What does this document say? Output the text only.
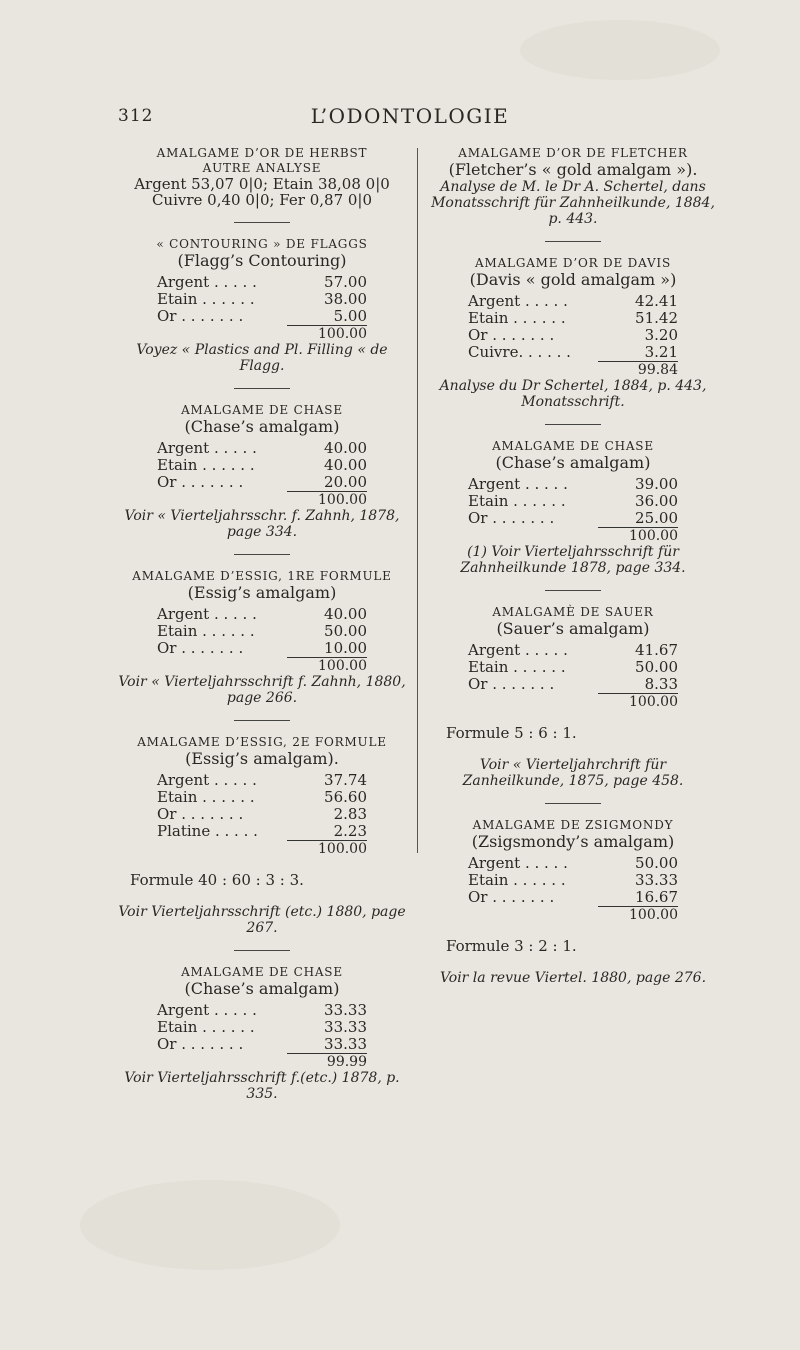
312	L’ODONTOLOGIE

AMALGAME D’OR DE HERBST

AUTRE ANALYSE

Argent 53,07 0|0; Etain 38,08 0|0

Cuivre 0,40 0|0; Fer 0,87 0|0

« CONTOURING » DE FLAGGS

(Flagg’s Contouring)

Argent . . . . .	57.00
Etain . . . . . .	38.00
Or . . . . . . .	5.00
100.00

Voyez « Plastics and Pl. Filling « de Flagg.

AMALGAME DE CHASE

(Chase’s amalgam)

Argent . . . . .	40.00
Etain . . . . . .	40.00
Or . . . . . . .	20.00
100.00

Voir « Vierteljahrsschr. f. Zahnh, 1878, page 334.

AMALGAME D’ESSIG, 1RE FORMULE

(Essig’s amalgam)

Argent . . . . .	40.00
Etain . . . . . .	50.00
Or . . . . . . .	10.00
100.00

Voir « Vierteljahrsschrift f. Zahnh, 1880, page 266.

AMALGAME D’ESSIG, 2E FORMULE

(Essig’s amalgam).

Argent . . . . .	37.74
Etain . . . . . .	56.60
Or . . . . . . .	2.83
Platine . . . . .	2.23
100.00

Formule 40 : 60 : 3 : 3.

Voir Vierteljahrsschrift (etc.) 1880, page 267.

AMALGAME DE CHASE

(Chase’s amalgam)

Argent . . . . .	33.33
Etain . . . . . .	33.33
Or . . . . . . .	33.33
99.99

Voir Vierteljahrsschrift f.(etc.) 1878, p. 335.

AMALGAME D’OR DE FLETCHER

(Fletcher’s « gold amalgam »).

Analyse de M. le Dr A. Schertel, dans Monatsschrift für Zahnheilkunde, 1884, p. 443.

AMALGAME D’OR DE DAVIS

(Davis « gold amalgam »)

Argent . . . . .	42.41
Etain . . . . . .	51.42
Or . . . . . . .	3.20
Cuivre. . . . . .	3.21
99.84

Analyse du Dr Schertel, 1884, p. 443, Monatsschrift.

AMALGAME DE CHASE

(Chase’s amalgam)

Argent . . . . .	39.00
Etain . . . . . .	36.00
Or . . . . . . .	25.00
100.00

(1) Voir Vierteljahrsschrift für Zahnheilkunde 1878, page 334.

AMALGAMÈ DE SAUER

(Sauer’s amalgam)

Argent . . . . .	41.67
Etain . . . . . .	50.00
Or . . . . . . .	8.33
100.00

Formule 5 : 6 : 1.

Voir « Vierteljahrchrift für Zanheilkunde, 1875, page 458.

AMALGAME DE ZSIGMONDY

(Zsigsmondy’s amalgam)

Argent . . . . .	50.00
Etain . . . . . .	33.33
Or . . . . . . .	16.67
100.00

Formule 3 : 2 : 1.

Voir la revue Viertel. 1880, page 276.
